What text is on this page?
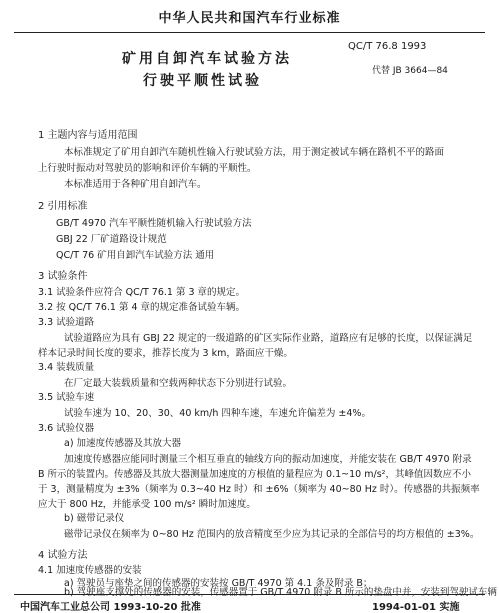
中华人民共和国汽车行业标准
QC/T 76.8 1993
代替 JB 3664—84
矿用自卸汽车试验方法
行驶平顺性试验
1 主题内容与适用范围
本标准规定了矿用自卸汽车随机性输入行驶试验方法，用于测定被试车辆在路机不平的路面
上行驶时振动对驾驶员的影响和评价车辆的平顺性。
本标准适用于各种矿用自卸汽车。
2 引用标准
GB/T 4970 汽车平顺性随机输入行驶试验方法
GBJ 22 厂矿道路设计规范
QC/T 76 矿用自卸汽车试验方法 通用
3 试验条件
3.1 试验条件应符合 QC/T 76.1 第 3 章的规定。
3.2 按 QC/T 76.1 第 4 章的规定准备试验车辆。
3.3 试验道路
试验道路应为具有 GBJ 22 规定的一级道路的矿区实际作业路，道路应有足够的长度，以保证满足
样本记录时间长度的要求，推荐长度为 3 km，路面应干燥。
3.4 装载质量
在厂定最大装载质量和空载两种状态下分别进行试验。
3.5 试验车速
试验车速为 10、20、30、40 km/h 四种车速，车速允许偏差为 ±4%。
3.6 试验仪器
a) 加速度传感器及其放大器
加速度传感器应能同时测量三个相互垂直的轴线方向的振动加速度，并能安装在 GB/T 4970 附录
B 所示的装置内。传感器及其放大器测量加速度的方根值的量程应为 0.1~10 m/s²，其峰值因数应不小
于 3，测量精度为 ±3%（频率为 0.3~40 Hz 时）和 ±6%（频率为 40~80 Hz 时）。传感器的共振频率
应大于 800 Hz，并能承受 100 m/s² 瞬时加速度。
b) 磁带记录仪
磁带记录仪在频率为 0~80 Hz 范围内的放音精度至少应为其记录的全部信号的均方根值的 ±3%。
4 试验方法
4.1 加速度传感器的安装
a) 驾驶员与座垫之间的传感器的安装按 GB/T 4970 第 4.1 条及附录 B；
b) 驾驶座支撑处的传感器的安装，传感器置于 GB/T 4970 附录 B 所示的垫盘中并，安装到驾驶试车辆
中国汽车工业总公司 1993-10-20 批准	1994-01-01 实施
